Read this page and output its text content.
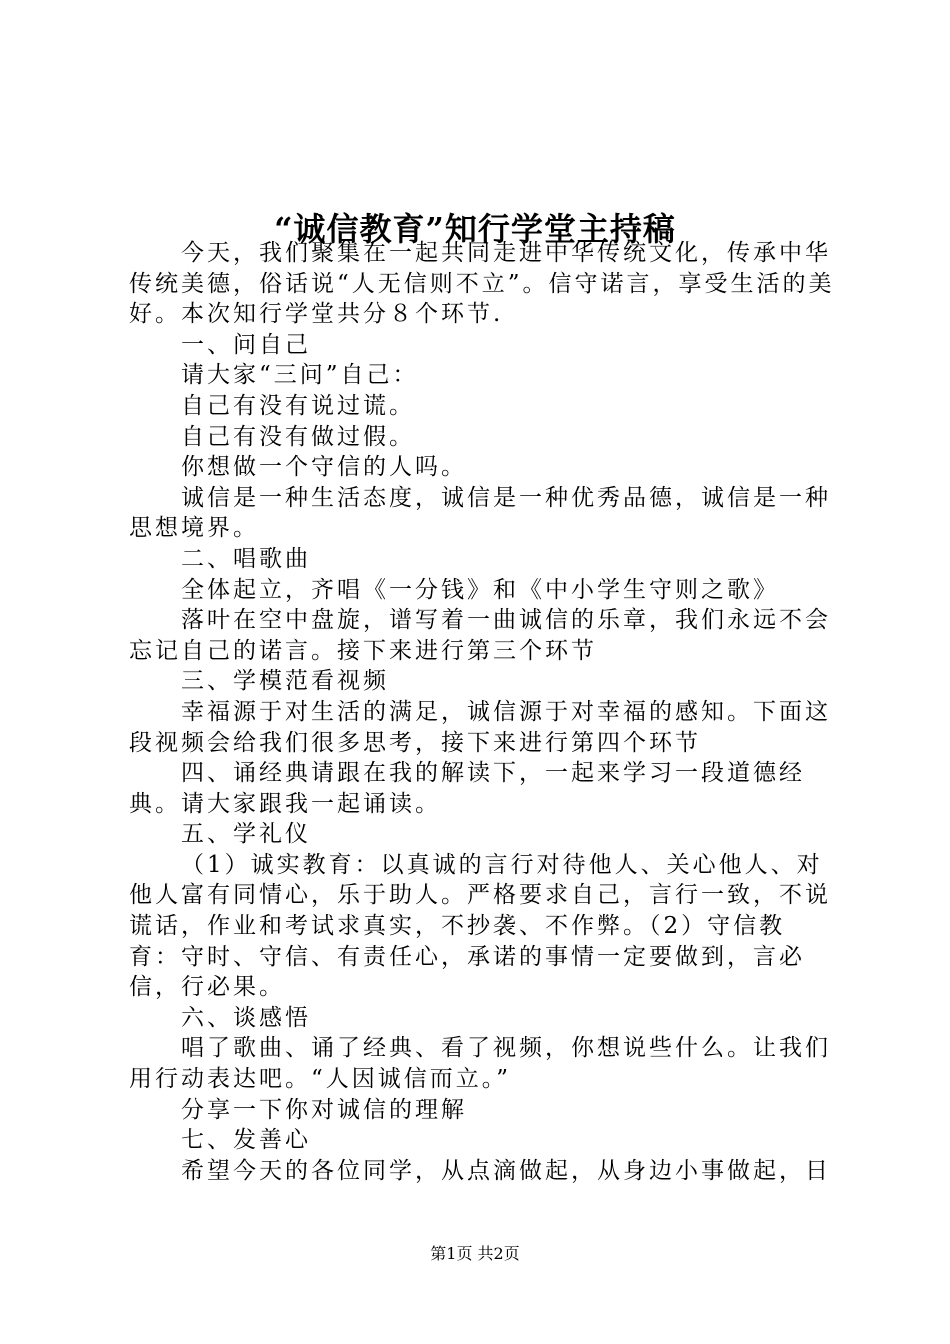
“诚信教育”知行学堂主持稿

今天，我们聚集在一起共同走进中华传统文化，传承中华传统美德，俗话说“人无信则不立”。信守诺言，享受生活的美好。本次知行学堂共分８个环节.

一、问自己

请大家“三问”自己：

自己有没有说过谎。

自己有没有做过假。

你想做一个守信的人吗。

诚信是一种生活态度，诚信是一种优秀品德，诚信是一种思想境界。

二、唱歌曲

全体起立，齐唱《一分钱》和《中小学生守则之歌》

落叶在空中盘旋，谱写着一曲诚信的乐章，我们永远不会忘记自己的诺言。接下来进行第三个环节

三、学模范看视频

幸福源于对生活的满足，诚信源于对幸福的感知。下面这段视频会给我们很多思考，接下来进行第四个环节

四、诵经典请跟在我的解读下，一起来学习一段道德经典。请大家跟我一起诵读。

五、学礼仪

（1）诚实教育：以真诚的言行对待他人、关心他人、对他人富有同情心，乐于助人。严格要求自己，言行一致，不说谎话，作业和考试求真实，不抄袭、不作弊。（2）守信教育：守时、守信、有责任心，承诺的事情一定要做到，言必信，行必果。

六、谈感悟

唱了歌曲、诵了经典、看了视频，你想说些什么。让我们用行动表达吧。“人因诚信而立。”

分享一下你对诚信的理解

七、发善心

希望今天的各位同学，从点滴做起，从身边小事做起，日

第1页 共2页
